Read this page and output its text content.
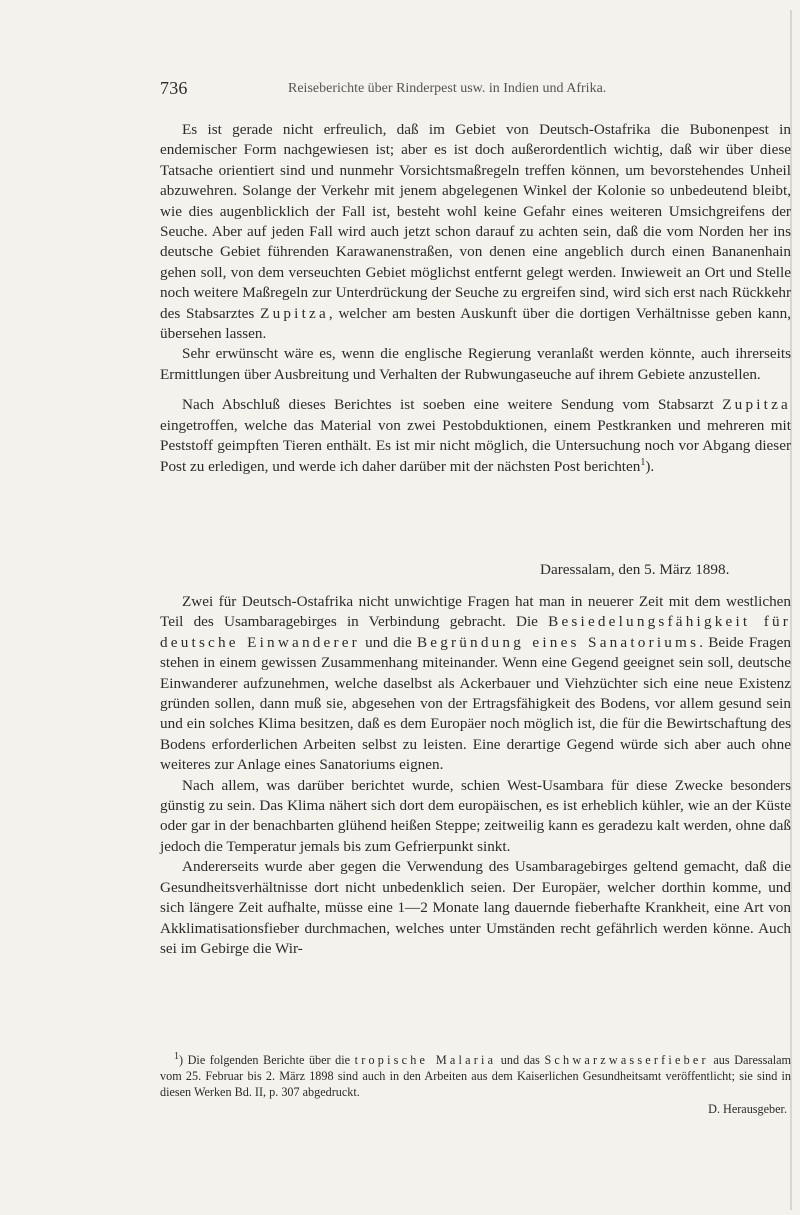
736	Reiseberichte über Rinderpest usw. in Indien und Afrika.

Es ist gerade nicht erfreulich, daß im Gebiet von Deutsch-Ostafrika die Bubonenpest in endemischer Form nachgewiesen ist; aber es ist doch außerordentlich wichtig, daß wir über diese Tatsache orientiert sind und nunmehr Vorsichtsmaßregeln treffen können, um bevorstehendes Unheil abzuwehren. Solange der Verkehr mit jenem abgelegenen Winkel der Kolonie so unbedeutend bleibt, wie dies augenblicklich der Fall ist, besteht wohl keine Gefahr eines weiteren Umsichgreifens der Seuche. Aber auf jeden Fall wird auch jetzt schon darauf zu achten sein, daß die vom Norden her ins deutsche Gebiet führenden Karawanenstraßen, von denen eine angeblich durch einen Bananenhain gehen soll, von dem verseuchten Gebiet möglichst entfernt gelegt werden. Inwieweit an Ort und Stelle noch weitere Maßregeln zur Unterdrückung der Seuche zu ergreifen sind, wird sich erst nach Rückkehr des Stabsarztes Zupitza, welcher am besten Auskunft über die dortigen Verhältnisse geben kann, übersehen lassen.

Sehr erwünscht wäre es, wenn die englische Regierung veranlaßt werden könnte, auch ihrerseits Ermittlungen über Ausbreitung und Verhalten der Rubwungaseuche auf ihrem Gebiete anzustellen.

Nach Abschluß dieses Berichtes ist soeben eine weitere Sendung vom Stabsarzt Zupitza eingetroffen, welche das Material von zwei Pestobduktionen, einem Pestkranken und mehreren mit Peststoff geimpften Tieren enthält. Es ist mir nicht möglich, die Untersuchung noch vor Abgang dieser Post zu erledigen, und werde ich daher darüber mit der nächsten Post berichten$^1$).

Daressalam, den 5. März 1898.

Zwei für Deutsch-Ostafrika nicht unwichtige Fragen hat man in neuerer Zeit mit dem westlichen Teil des Usambaragebirges in Verbindung gebracht. Die Besiedelungsfähigkeit für deutsche Einwanderer und die Begründung eines Sanatoriums. Beide Fragen stehen in einem gewissen Zusammenhang miteinander. Wenn eine Gegend geeignet sein soll, deutsche Einwanderer aufzunehmen, welche daselbst als Ackerbauer und Viehzüchter sich eine neue Existenz gründen sollen, dann muß sie, abgesehen von der Ertragsfähigkeit des Bodens, vor allem gesund sein und ein solches Klima besitzen, daß es dem Europäer noch möglich ist, die für die Bewirtschaftung des Bodens erforderlichen Arbeiten selbst zu leisten. Eine derartige Gegend würde sich aber auch ohne weiteres zur Anlage eines Sanatoriums eignen.

Nach allem, was darüber berichtet wurde, schien West-Usambara für diese Zwecke besonders günstig zu sein. Das Klima nähert sich dort dem europäischen, es ist erheblich kühler, wie an der Küste oder gar in der benachbarten glühend heißen Steppe; zeitweilig kann es geradezu kalt werden, ohne daß jedoch die Temperatur jemals bis zum Gefrierpunkt sinkt.

Andererseits wurde aber gegen die Verwendung des Usambaragebirges geltend gemacht, daß die Gesundheitsverhältnisse dort nicht unbedenklich seien. Der Europäer, welcher dorthin komme, und sich längere Zeit aufhalte, müsse eine 1—2 Monate lang dauernde fieberhafte Krankheit, eine Art von Akklimatisationsfieber durchmachen, welches unter Umständen recht gefährlich werden könne. Auch sei im Gebirge die Wir-

$^1$) Die folgenden Berichte über die tropische Malaria und das Schwarzwasserfieber aus Daressalam vom 25. Februar bis 2. März 1898 sind auch in den Arbeiten aus dem Kaiserlichen Gesundheitsamt veröffentlicht; sie sind in diesen Werken Bd. II, p. 307 abgedruckt.

D. Herausgeber.
